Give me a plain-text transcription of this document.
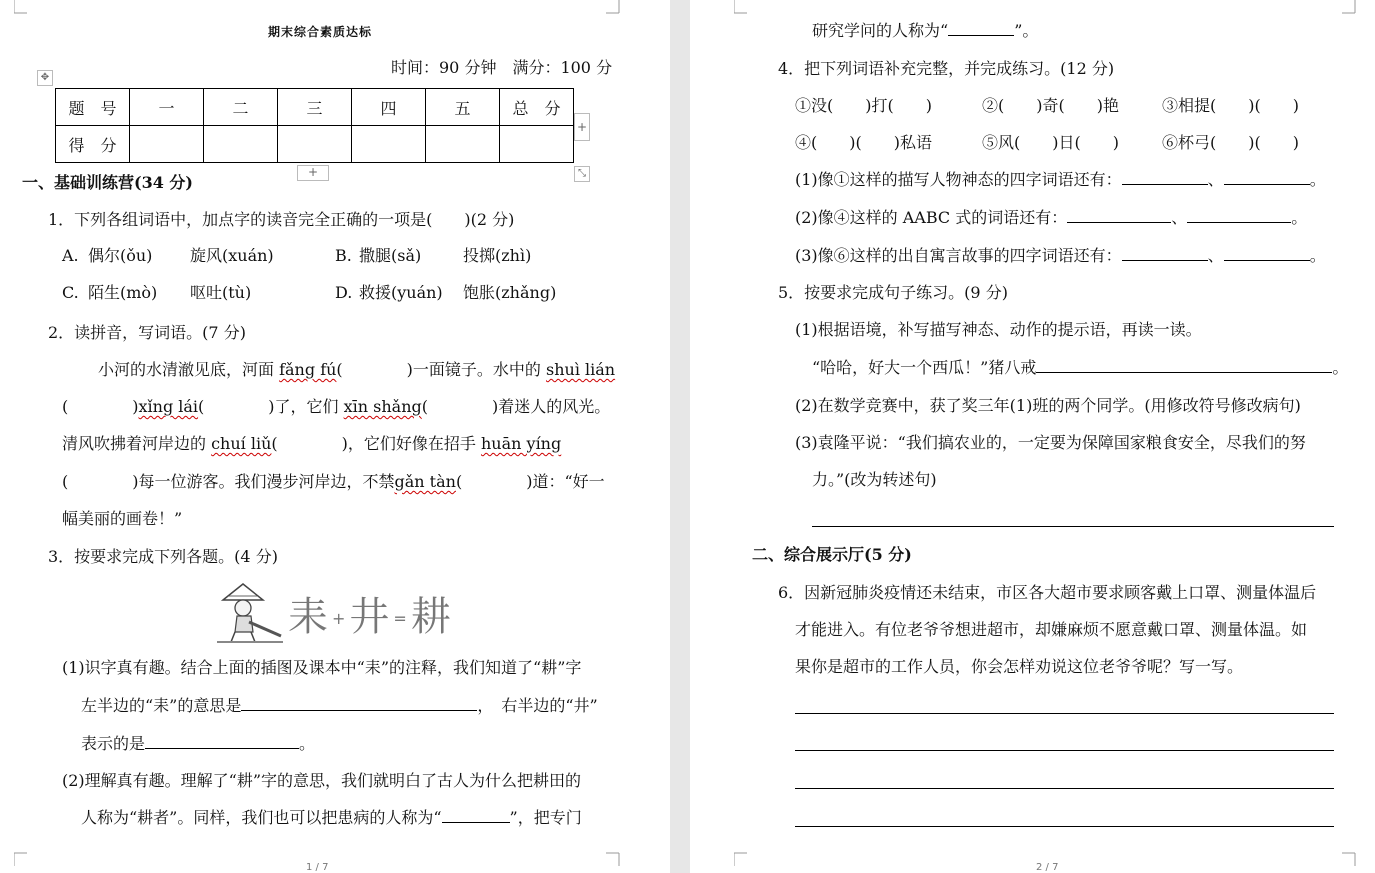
期末综合素质达标
时间：90 分钟　满分：100 分
✥
题　号	一	二	三	四	五	总　分
得　分						
+
+	⤡
一、基础训练营(34 分)
1．下列各组词语中，加点字的读音完全正确的一项是(　　)(2 分)
A. 偶尔(ǒu) 旋风(xuán)	B. 撒腿(sǎ)	投掷(zhì)
C. 陌生(mò) 呕吐(tù)	D. 救援(yuán) 饱胀(zhǎng)
2．读拼音，写词语。(7 分)
小河的水清澈见底，河面 fǎng fú(　　　　)一面镜子。水中的 shuì lián
(　　　　)xǐng lái(　　　　)了，它们 xīn shǎng(　　　　)着迷人的风光。
清风吹拂着河岸边的 chuí liǔ(　　　　)，它们好像在招手 huān yíng
(　　　　)每一位游客。我们漫步河岸边，不禁gǎn tàn(　　　　)道：“好一
幅美丽的画卷！”
3．按要求完成下列各题。(4 分)
耒 + 井 = 耕
(1)识字真有趣。结合上面的插图及课本中“耒”的注释，我们知道了“耕”字
左半边的“耒”的意思是	，　右半边的“井”
表示的是	。
(2)理解真有趣。理解了“耕”字的意思，我们就明白了古人为什么把耕田的
人称为“耕者”。同样，我们也可以把患病的人称为“	”，把专门
1 / 7
研究学问的人称为“	”。
4．把下列词语补充完整，并完成练习。(12 分)
①没(　　)打(　　)	②(　　)奇(　　)艳	③相提(　　)(　　)
④(　　)(　　)私语	⑤风(　　)日(　　)	⑥杯弓(　　)(　　)
(1)像①这样的描写人物神态的四字词语还有：	、	。
(2)像④这样的 AABC 式的词语还有：	、	。
(3)像⑥这样的出自寓言故事的四字词语还有：	、	。
5．按要求完成句子练习。(9 分)
(1)根据语境，补写描写神态、动作的提示语，再读一读。
“哈哈，好大一个西瓜！”猪八戒	。
(2)在数学竞赛中，获了奖三年(1)班的两个同学。(用修改符号修改病句)
(3)袁隆平说：“我们搞农业的，一定要为保障国家粮食安全，尽我们的努
力。”(改为转述句)
二、综合展示厅(5 分)
6．因新冠肺炎疫情还未结束，市区各大超市要求顾客戴上口罩、测量体温后
才能进入。有位老爷爷想进超市，却嫌麻烦不愿意戴口罩、测量体温。如
果你是超市的工作人员，你会怎样劝说这位老爷爷呢？写一写。
2 / 7
